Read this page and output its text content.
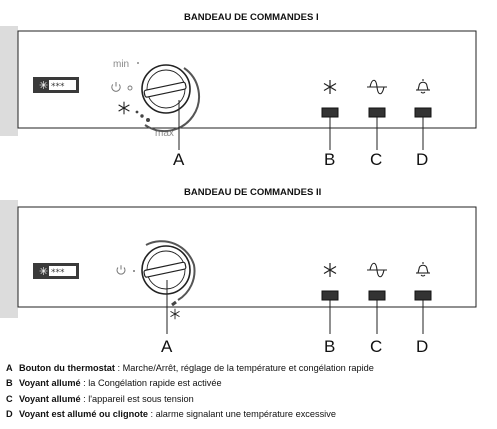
BANDEAU DE COMMANDES I
✳ ***
min
max
A	B C D
BANDEAU DE COMMANDES II
✳ ***
A	B C D
A Bouton du thermostat : Marche/Arrêt, réglage de la température et congélation rapide
B Voyant allumé : la Congélation rapide est activée
C Voyant allumé : l'appareil est sous tension
D Voyant est allumé ou clignote : alarme signalant une température excessive
